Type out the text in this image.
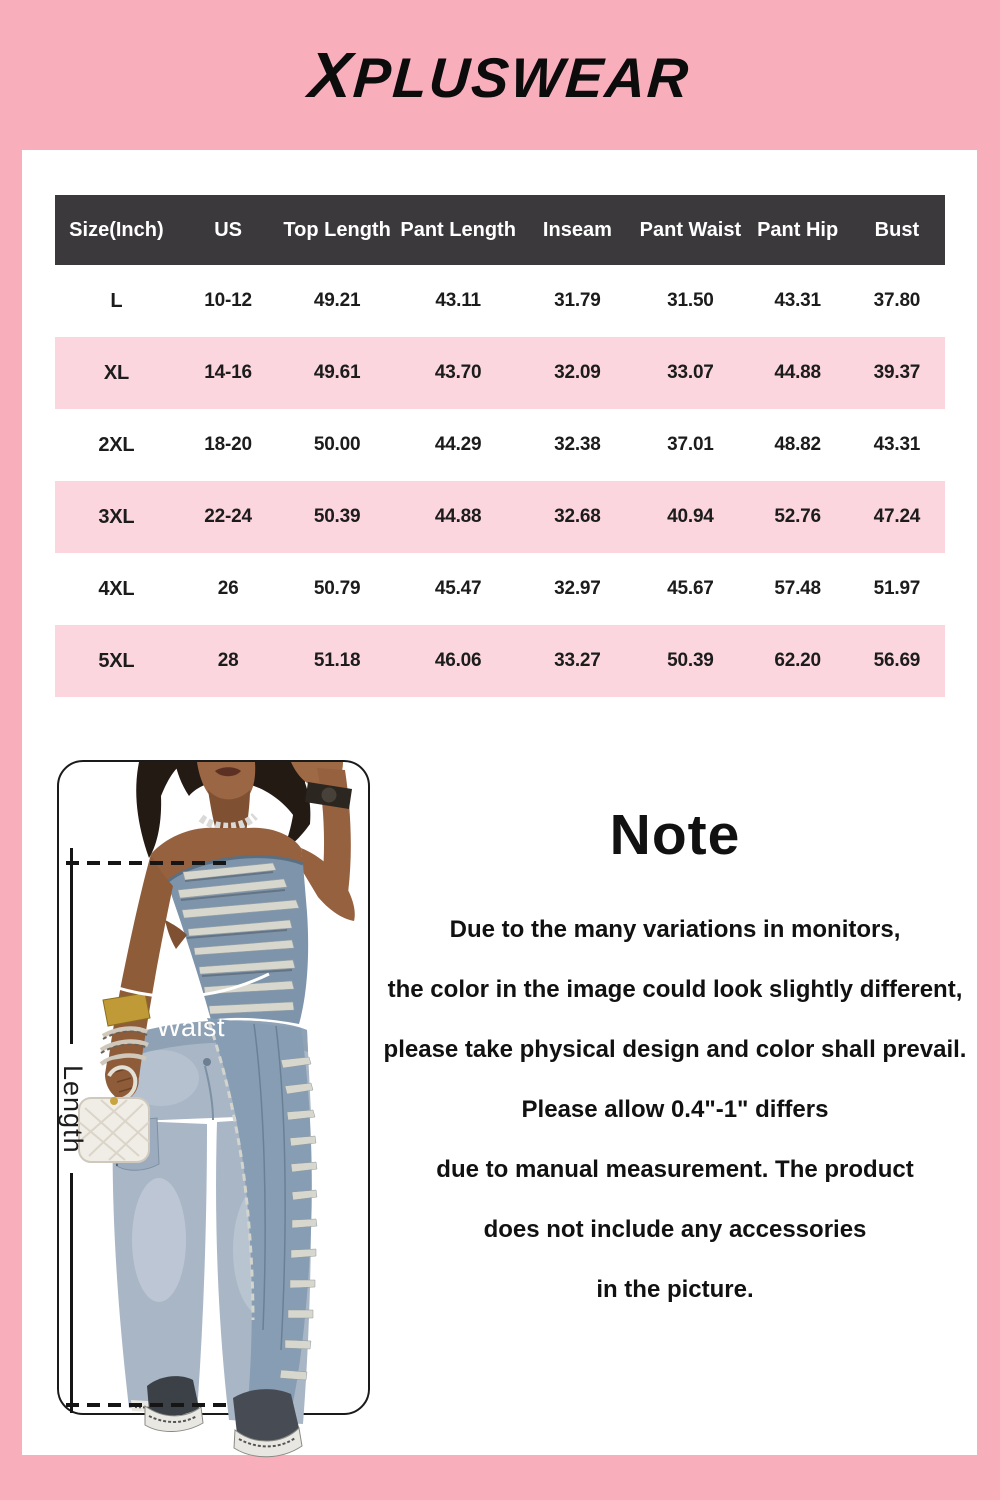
XPLUSWEAR
Size(Inch)	US	Top Length	Pant Length	Inseam	Pant Waist	Pant Hip	Bust
L	10-12	49.21	43.11	31.79	31.50	43.31	37.80
XL	14-16	49.61	43.70	32.09	33.07	44.88	39.37
2XL	18-20	50.00	44.29	32.38	37.01	48.82	43.31
3XL	22-24	50.39	44.88	32.68	40.94	52.76	47.24
4XL	26	50.79	45.47	32.97	45.67	57.48	51.97
5XL	28	51.18	46.06	33.27	50.39	62.20	56.69
Length
Waist
Note

Due to the many variations in monitors,

the color in the image could look slightly different,

please take physical design and color shall prevail.

Please allow 0.4"-1" differs

due to manual measurement. The product

does not include any accessories

in the picture.
